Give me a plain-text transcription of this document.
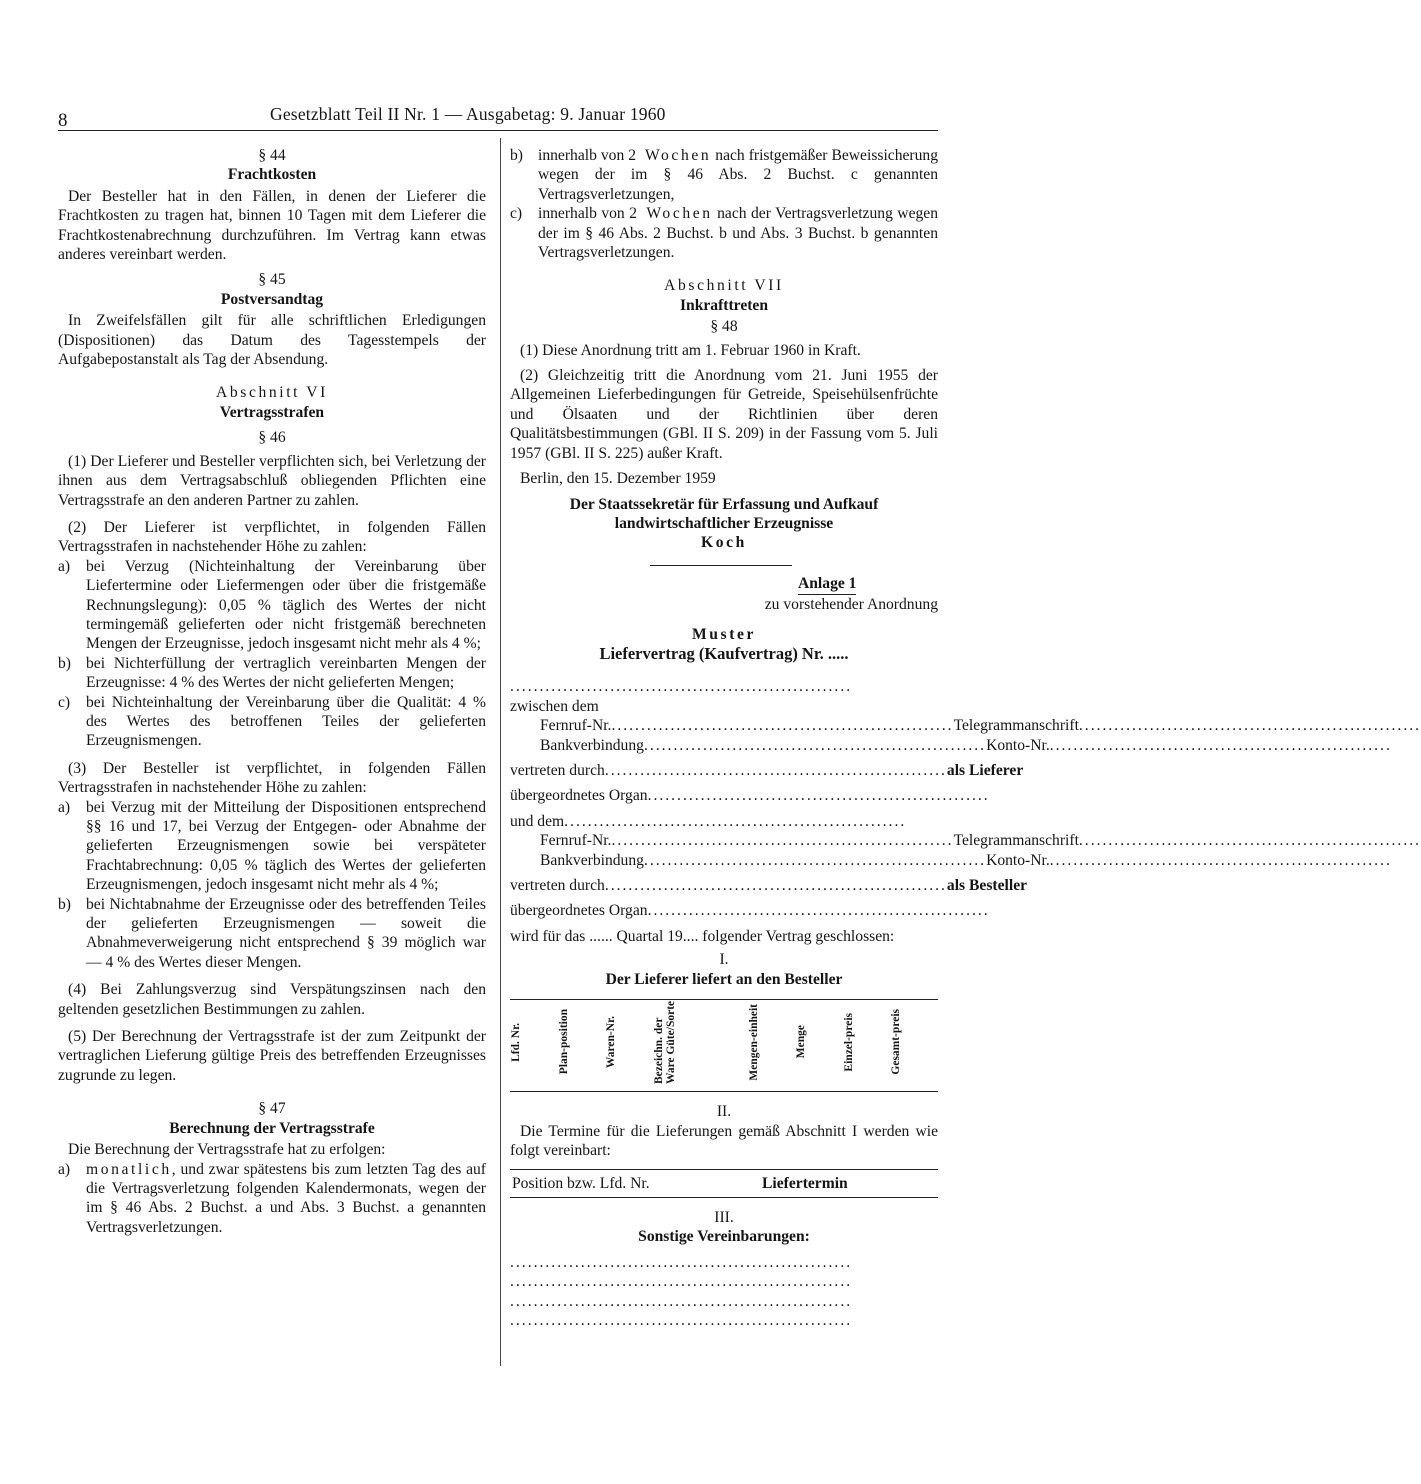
8	Gesetzblatt Teil II Nr. 1 — Ausgabetag: 9. Januar 1960

§ 44

Frachtkosten

Der Besteller hat in den Fällen, in denen der Lieferer die Frachtkosten zu tragen hat, binnen 10 Tagen mit dem Lieferer die Frachtkostenabrechnung durchzuführen. Im Vertrag kann etwas anderes vereinbart werden.

§ 45

Postversandtag

In Zweifelsfällen gilt für alle schriftlichen Erledigungen (Dispositionen) das Datum des Tagesstempels der Aufgabepostanstalt als Tag der Absendung.

Abschnitt VI

Vertragsstrafen

§ 46

(1) Der Lieferer und Besteller verpflichten sich, bei Verletzung der ihnen aus dem Vertragsabschluß obliegenden Pflichten eine Vertragsstrafe an den anderen Partner zu zahlen.

(2) Der Lieferer ist verpflichtet, in folgenden Fällen Vertragsstrafen in nachstehender Höhe zu zahlen:

a)	bei Verzug (Nichteinhaltung der Vereinbarung über Liefertermine oder Liefermengen oder über die fristgemäße Rechnungslegung): 0,05 % täglich des Wertes der nicht termingemäß gelieferten oder nicht fristgemäß berechneten Mengen der Erzeugnisse, jedoch insgesamt nicht mehr als 4 %;
b) bei Nichterfüllung der vertraglich vereinbarten Mengen der Erzeugnisse: 4 % des Wertes der nicht gelieferten Mengen;
c)	bei Nichteinhaltung der Vereinbarung über die Qualität: 4 % des Wertes des betroffenen Teiles der gelieferten Erzeugnismengen.

(3) Der Besteller ist verpflichtet, in folgenden Fällen Vertragsstrafen in nachstehender Höhe zu zahlen:

a)	bei Verzug mit der Mitteilung der Dispositionen entsprechend §§ 16 und 17, bei Verzug der Entgegen- oder Abnahme der gelieferten Erzeugnismengen sowie bei verspäteter Frachtabrechnung: 0,05 % täglich des Wertes der gelieferten Erzeugnismengen, jedoch insgesamt nicht mehr als 4 %;
b) bei Nichtabnahme der Erzeugnisse oder des betreffenden Teiles der gelieferten Erzeugnismengen — soweit die Abnahmeverweigerung nicht entsprechend § 39 möglich war — 4 % des Wertes dieser Mengen.

(4) Bei Zahlungsverzug sind Verspätungszinsen nach den geltenden gesetzlichen Bestimmungen zu zahlen.

(5) Der Berechnung der Vertragsstrafe ist der zum Zeitpunkt der vertraglichen Lieferung gültige Preis des betreffenden Erzeugnisses zugrunde zu legen.

§ 47

Berechnung der Vertragsstrafe

Die Berechnung der Vertragsstrafe hat zu erfolgen:

a)	monatlich, und zwar spätestens bis zum letzten Tag des auf die Vertragsverletzung folgenden Kalendermonats, wegen der im § 46 Abs. 2 Buchst. a und Abs. 3 Buchst. a genannten Vertragsverletzungen.
b) innerhalb von 2 Wochen nach fristgemäßer Beweissicherung wegen der im § 46 Abs. 2 Buchst. c genannten Vertragsverletzungen,
c)	innerhalb von 2 Wochen nach der Vertragsverletzung wegen der im § 46 Abs. 2 Buchst. b und Abs. 3 Buchst. b genannten Vertragsverletzungen.

Abschnitt VII

Inkrafttreten

§ 48

(1) Diese Anordnung tritt am 1. Februar 1960 in Kraft.

(2) Gleichzeitig tritt die Anordnung vom 21. Juni 1955 der Allgemeinen Lieferbedingungen für Getreide, Speisehülsenfrüchte und Ölsaaten und der Richtlinien über deren Qualitätsbestimmungen (GBl. II S. 209) in der Fassung vom 5. Juli 1957 (GBl. II S. 225) außer Kraft.

Berlin, den 15. Dezember 1959

Der Staatssekretär für Erfassung und Aufkauf

landwirtschaftlicher Erzeugnisse

Koch

Anlage 1

zu vorstehender Anordnung

Muster

Liefervertrag (Kaufvertrag) Nr. .....

..........................................................
zwischen dem
Fernruf-Nr. .......................................................... Telegrammanschrift ..........................................................
Bankverbindung .......................................................... Konto-Nr. ..........................................................
vertreten durch .......................................................... als Lieferer
übergeordnetes Organ ..........................................................
und dem ..........................................................
Fernruf-Nr. .......................................................... Telegrammanschrift ..........................................................
Bankverbindung .......................................................... Konto-Nr. ..........................................................
vertreten durch .......................................................... als Besteller
übergeordnetes Organ ..........................................................

wird für das ...... Quartal 19.... folgender Vertrag geschlossen:

I.

Der Lieferer liefert an den Besteller

Lfd. Nr.	Plan-position	Waren-Nr.	Bezeichn. der Ware Güte/Sorte	Mengen-einheit	Menge	Einzel-preis	Gesamt-preis

II.

Die Termine für die Lieferungen gemäß Abschnitt I werden wie folgt vereinbart:

Position bzw. Lfd. Nr.	Liefertermin

III.

Sonstige Vereinbarungen:

..........................................................
..........................................................
..........................................................
..........................................................
